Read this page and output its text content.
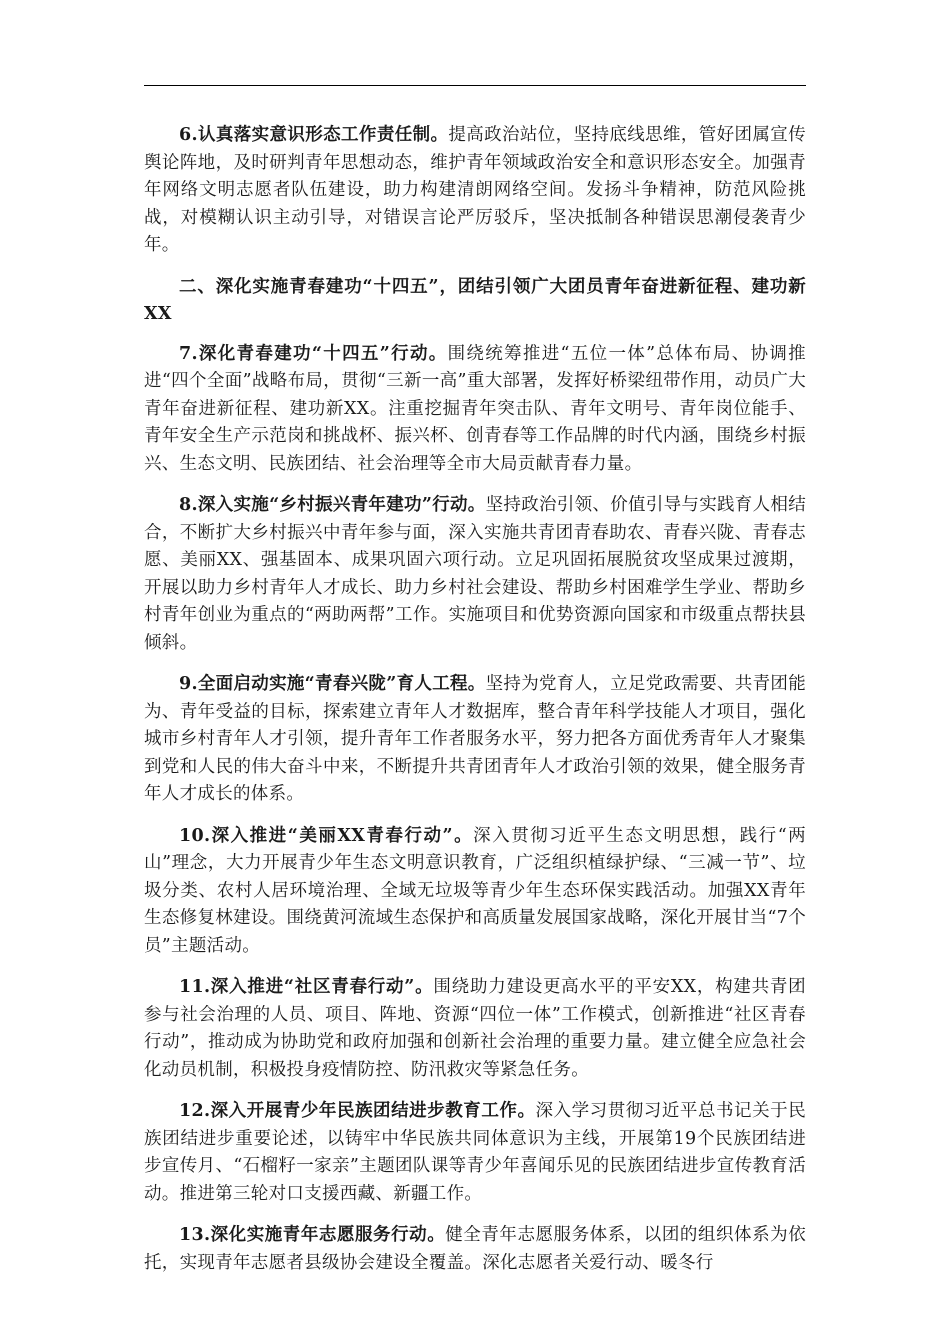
6.认真落实意识形态工作责任制。提高政治站位，坚持底线思维，管好团属宣传舆论阵地，及时研判青年思想动态，维护青年领域政治安全和意识形态安全。加强青年网络文明志愿者队伍建设，助力构建清朗网络空间。发扬斗争精神，防范风险挑战，对模糊认识主动引导，对错误言论严厉驳斥，坚决抵制各种错误思潮侵袭青少年。

二、深化实施青春建功“十四五”，团结引领广大团员青年奋进新征程、建功新XX

7.深化青春建功“十四五”行动。围绕统筹推进“五位一体”总体布局、协调推进“四个全面”战略布局，贯彻“三新一高”重大部署，发挥好桥梁纽带作用，动员广大青年奋进新征程、建功新XX。注重挖掘青年突击队、青年文明号、青年岗位能手、青年安全生产示范岗和挑战杯、振兴杯、创青春等工作品牌的时代内涵，围绕乡村振兴、生态文明、民族团结、社会治理等全市大局贡献青春力量。

8.深入实施“乡村振兴青年建功”行动。坚持政治引领、价值引导与实践育人相结合，不断扩大乡村振兴中青年参与面，深入实施共青团青春助农、青春兴陇、青春志愿、美丽XX、强基固本、成果巩固六项行动。立足巩固拓展脱贫攻坚成果过渡期，开展以助力乡村青年人才成长、助力乡村社会建设、帮助乡村困难学生学业、帮助乡村青年创业为重点的“两助两帮”工作。实施项目和优势资源向国家和市级重点帮扶县倾斜。

9.全面启动实施“青春兴陇”育人工程。坚持为党育人，立足党政需要、共青团能为、青年受益的目标，探索建立青年人才数据库，整合青年科学技能人才项目，强化城市乡村青年人才引领，提升青年工作者服务水平，努力把各方面优秀青年人才聚集到党和人民的伟大奋斗中来，不断提升共青团青年人才政治引领的效果，健全服务青年人才成长的体系。

10.深入推进“美丽XX青春行动”。深入贯彻习近平生态文明思想，践行“两山”理念，大力开展青少年生态文明意识教育，广泛组织植绿护绿、“三减一节”、垃圾分类、农村人居环境治理、全域无垃圾等青少年生态环保实践活动。加强XX青年生态修复林建设。围绕黄河流域生态保护和高质量发展国家战略，深化开展甘当“7个员”主题活动。

11.深入推进“社区青春行动”。围绕助力建设更高水平的平安XX，构建共青团参与社会治理的人员、项目、阵地、资源“四位一体”工作模式，创新推进“社区青春行动”，推动成为协助党和政府加强和创新社会治理的重要力量。建立健全应急社会化动员机制，积极投身疫情防控、防汛救灾等紧急任务。

12.深入开展青少年民族团结进步教育工作。深入学习贯彻习近平总书记关于民族团结进步重要论述，以铸牢中华民族共同体意识为主线，开展第19个民族团结进步宣传月、“石榴籽一家亲”主题团队课等青少年喜闻乐见的民族团结进步宣传教育活动。推进第三轮对口支援西藏、新疆工作。

13.深化实施青年志愿服务行动。健全青年志愿服务体系，以团的组织体系为依托，实现青年志愿者县级协会建设全覆盖。深化志愿者关爱行动、暖冬行
